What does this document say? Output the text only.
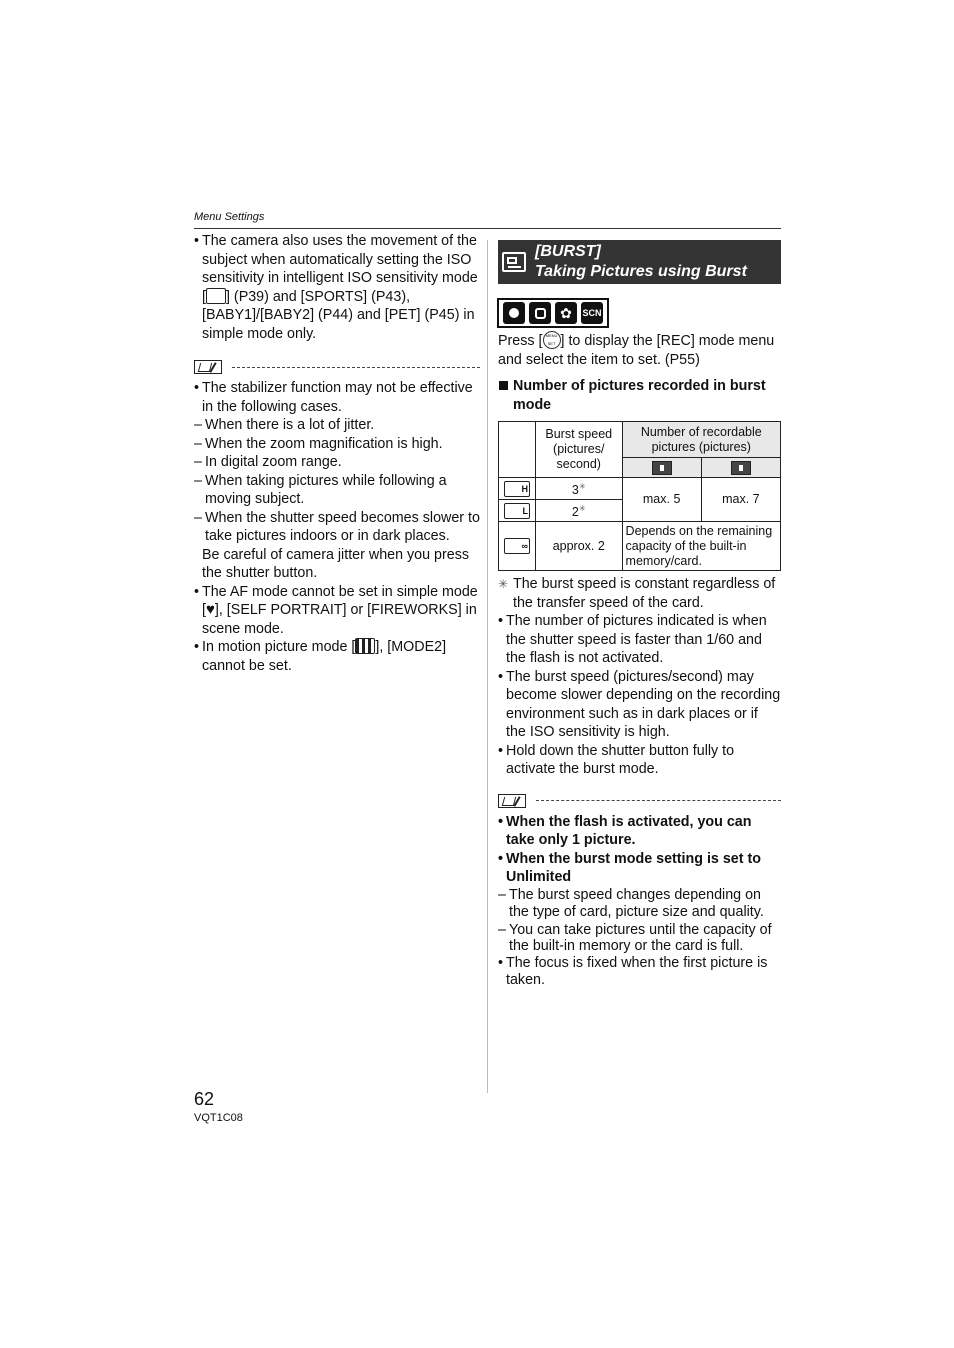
Menu Settings

• The camera also uses the movement of the subject when automatically setting the ISO sensitivity in intelligent ISO sensitivity mode [ ] (P39) and [SPORTS] (P43), [BABY1]/[BABY2] (P44) and [PET] (P45) in simple mode only.

• The stabilizer function may not be effective in the following cases.

– When there is a lot of jitter.

– When the zoom magnification is high.

– In digital zoom range.

– When taking pictures while following a moving subject.

– When the shutter speed becomes slower to take pictures indoors or in dark places.

Be careful of camera jitter when you press the shutter button.

• The AF mode cannot be set in simple mode [♥], [SELF PORTRAIT] or [FIREWORKS] in scene mode.

• In motion picture mode [ ], [MODE2] cannot be set.

[BURST]
Taking Pictures using Burst
✿	SCN

Press [ MENU SET ] to display the [REC] mode menu and select the item to set. (P55)

Number of pictures recorded in burst mode

	Burst speed (pictures/ second)	Number of recordable pictures (pictures)	

H	3✳	max. 5	max. 7
L	2✳
∞	approx. 2	Depends on the remaining capacity of the built-in memory/card.	

✳ The burst speed is constant regardless of the transfer speed of the card.

• The number of pictures indicated is when the shutter speed is faster than 1/60 and the flash is not activated.

• The burst speed (pictures/second) may become slower depending on the recording environment such as in dark places or if the ISO sensitivity is high.

• Hold down the shutter button fully to activate the burst mode.

• When the flash is activated, you can take only 1 picture.

• When the burst mode setting is set to Unlimited

– The burst speed changes depending on the type of card, picture size and quality.

– You can take pictures until the capacity of the built-in memory or the card is full.

• The focus is fixed when the first picture is taken.

62
VQT1C08
